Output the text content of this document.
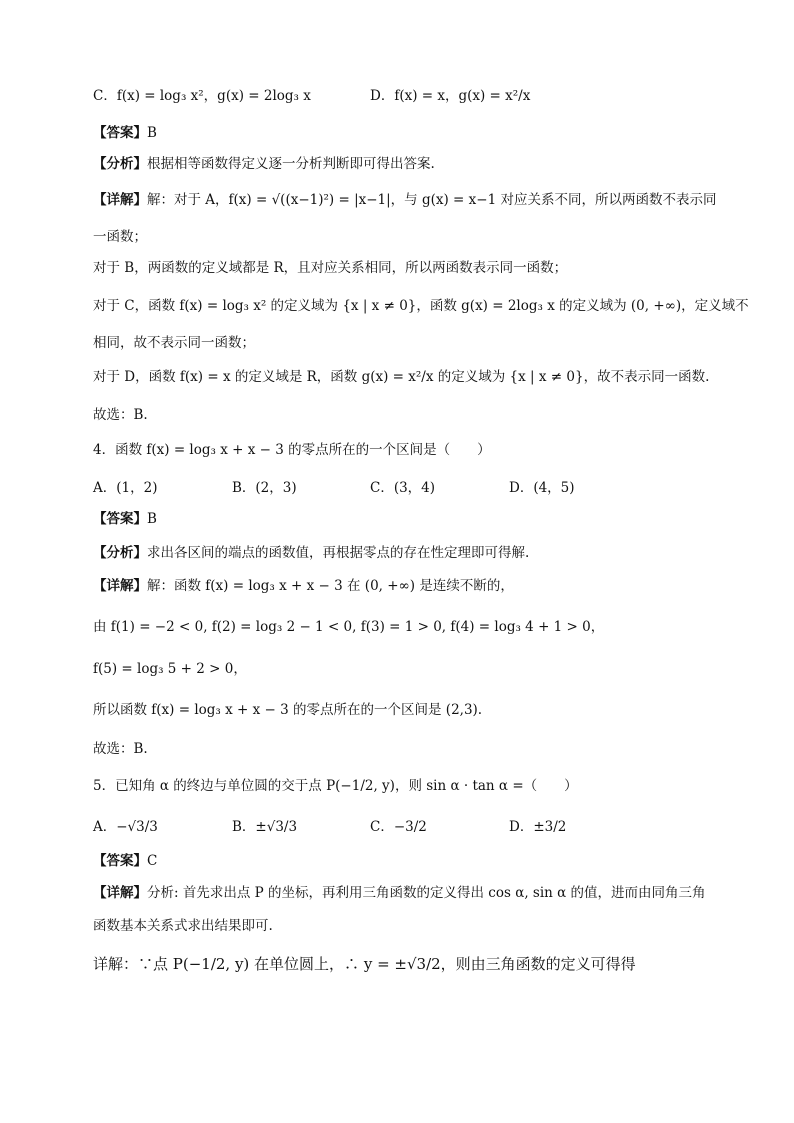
C．f(x) = log₃ x²，g(x) = 2log₃ x	D．f(x) = x，g(x) = x²/x
【答案】B
【分析】根据相等函数得定义逐一分析判断即可得出答案.
【详解】解：对于 A，f(x) = √((x−1)²) = |x−1|，与 g(x) = x−1 对应关系不同，所以两函数不表示同
一函数；
对于 B，两函数的定义域都是 R，且对应关系相同，所以两函数表示同一函数；
对于 C，函数 f(x) = log₃ x² 的定义域为 {x | x ≠ 0}，函数 g(x) = 2log₃ x 的定义域为 (0, +∞)，定义域不
相同，故不表示同一函数；
对于 D，函数 f(x) = x 的定义域是 R，函数 g(x) = x²/x 的定义域为 {x | x ≠ 0}，故不表示同一函数.
故选：B.
4．函数 f(x) = log₃ x + x − 3 的零点所在的一个区间是（　　）
A．(1，2)	B．(2，3)	C．(3，4)	D．(4，5)
【答案】B
【分析】求出各区间的端点的函数值，再根据零点的存在性定理即可得解.
【详解】解：函数 f(x) = log₃ x + x − 3 在 (0, +∞) 是连续不断的，
由 f(1) = −2 < 0, f(2) = log₃ 2 − 1 < 0, f(3) = 1 > 0, f(4) = log₃ 4 + 1 > 0，
f(5) = log₃ 5 + 2 > 0，
所以函数 f(x) = log₃ x + x − 3 的零点所在的一个区间是 (2,3).
故选：B.
5．已知角 α 的终边与单位圆的交于点 P(−1/2, y)，则 sin α · tan α =（　　）
A．−√3/3	B．±√3/3	C．−3/2	D．±3/2
【答案】C
【详解】分析: 首先求出点 P 的坐标，再利用三角函数的定义得出 cos α, sin α 的值，进而由同角三角
函数基本关系式求出结果即可.
详解：∵点 P(−1/2, y) 在单位圆上，∴ y = ±√3/2，则由三角函数的定义可得得
